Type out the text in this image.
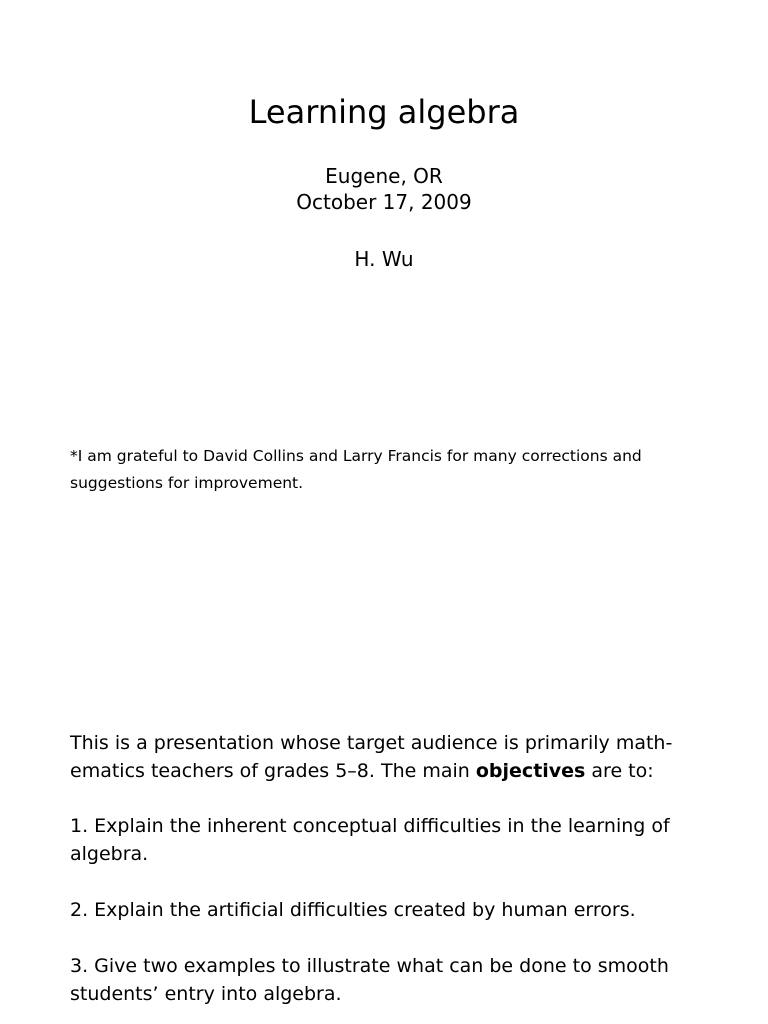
Learning algebra

Eugene, OR

October 17, 2009

H. Wu

*I am grateful to David Collins and Larry Francis for many corrections and
suggestions for improvement.

This is a presentation whose target audience is primarily math-
ematics teachers of grades 5–8. The main objectives are to:

1. Explain the inherent conceptual difficulties in the learning of
algebra.

2. Explain the artificial difficulties created by human errors.

3. Give two examples to illustrate what can be done to smooth
students’ entry into algebra.
